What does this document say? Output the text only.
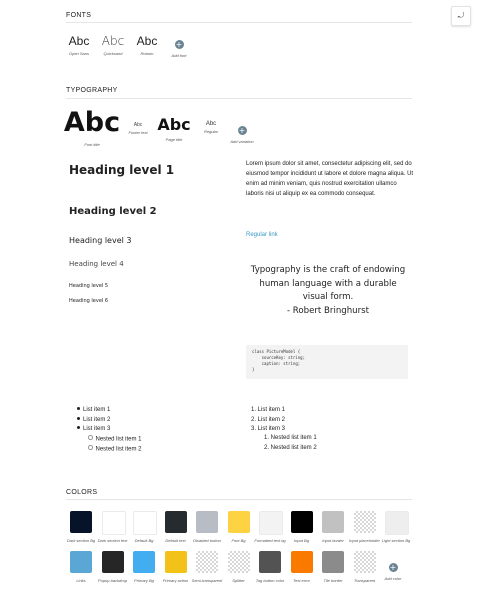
⤾
FONTS
Abc
Open Sans
Abc
Quicksand
Abc
Roboto
+
Add font
TYPOGRAPHY
Abc
Font title
Abc
Footer text Abc
Page title
Abc
Regular	+
Add variation
Heading level 1
Heading level 2
Heading level 3
Heading level 4
Heading level 5
Heading level 6
Lorem ipsum dolor sit amet, consectetur adipiscing elit, sed do eiusmod tempor incididunt ut labore et dolore magna aliqua. Ut enim ad minim veniam, quis nostrud exercitation ullamco laboris nisi ut aliquip ex ea commodo consequat.
Regular link
Typography is the craft of endowing human language with a durable visual form.
- Robert Bringhurst
class PictureModel {
sourceKey: string;
caption: string;
}
List item 1
List item 2
List item 3
Nested list item 1
Nested list item 2
1. List item 1
2. List item 2
3. List item 3
1. Nested list item 1
2. Nested list item 2
COLORS
Dark section Bg Dark section text	Default Bg	Default text	Disabled button	Font Bg	Formatted text bg	Input Bg	Input border	Input placeholder Light section Bg
Links	Popup backdrop	Primary Bg	Primary action Semi-transparent	Splitter	Tag button color	Text error	Tile border	Transparent
+
Add color
